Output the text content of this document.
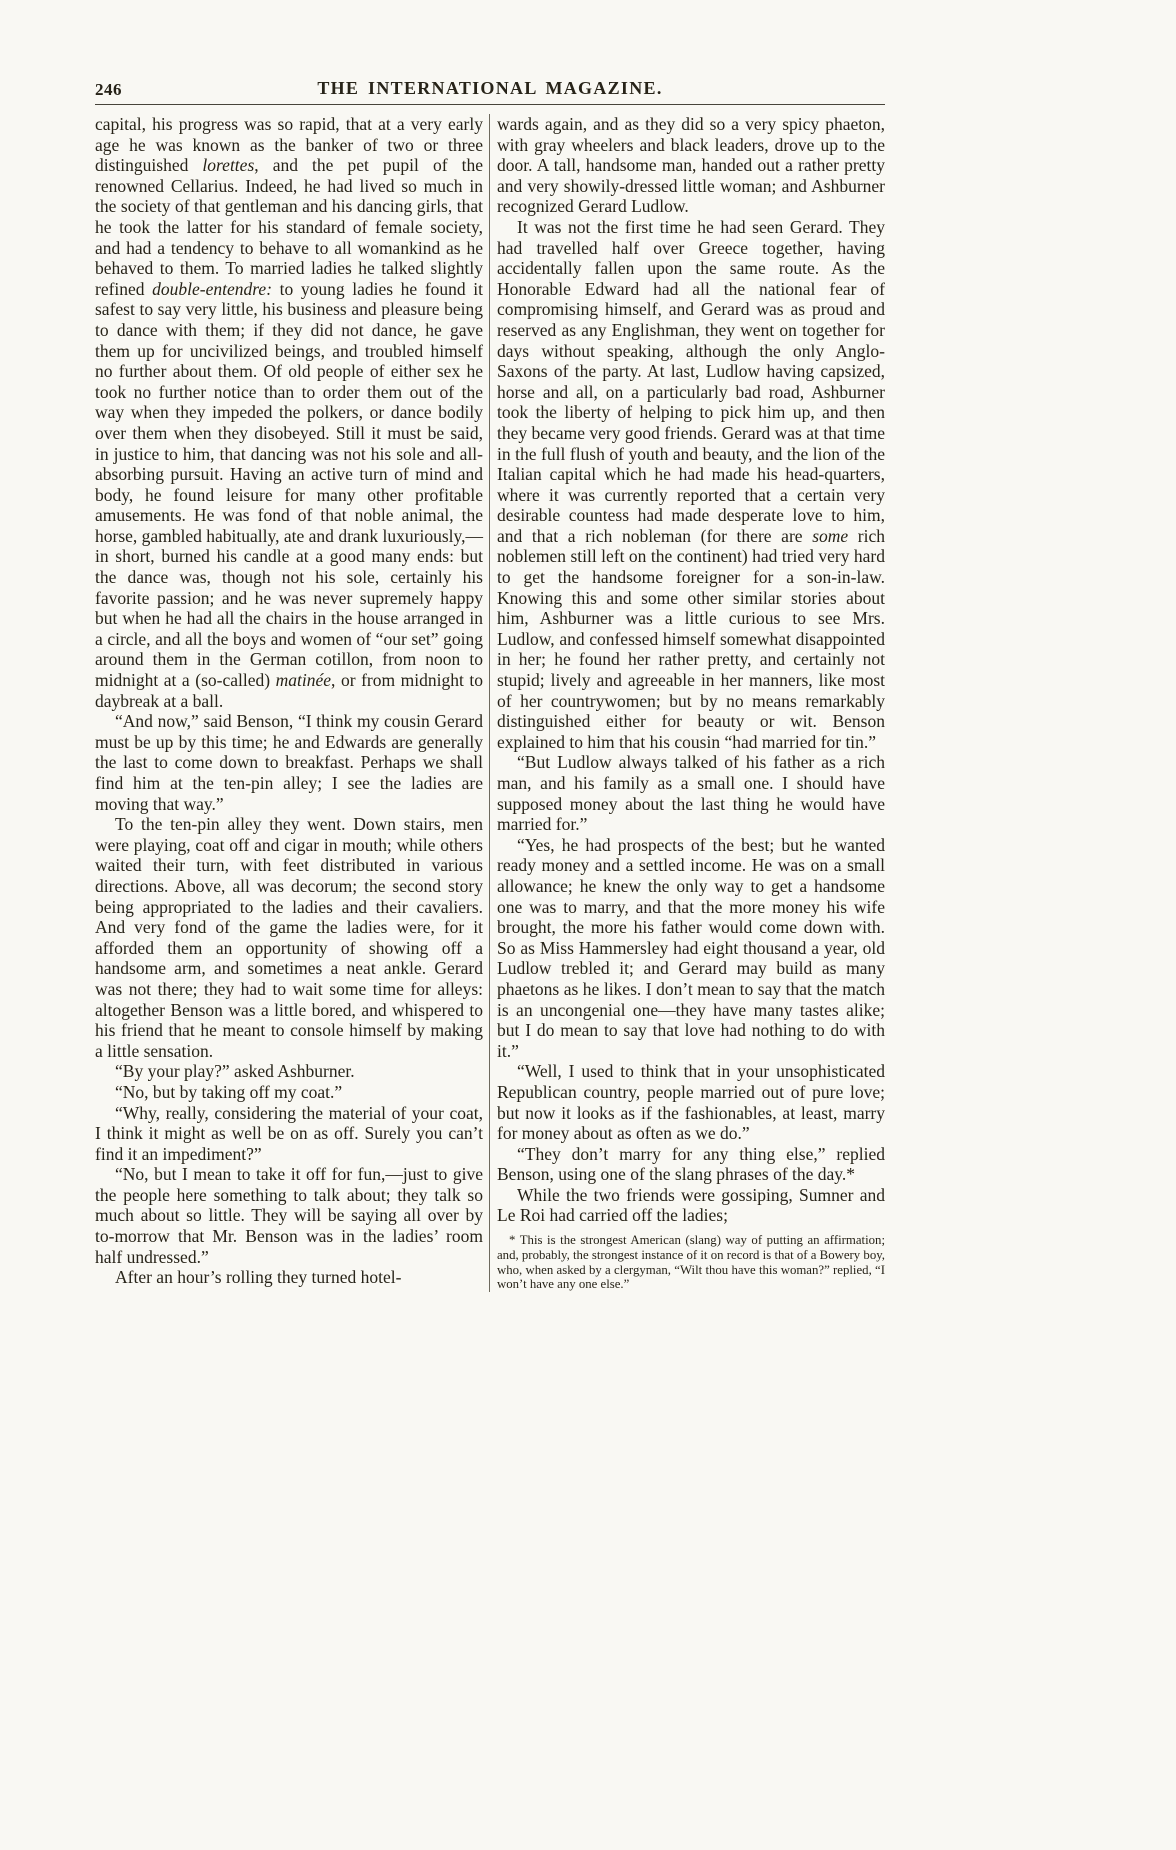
246	THE INTERNATIONAL MAGAZINE.

capital, his progress was so rapid, that at a very early age he was known as the banker of two or three distinguished lorettes, and the pet pupil of the renowned Cellarius. Indeed, he had lived so much in the society of that gentleman and his dancing girls, that he took the latter for his standard of female society, and had a tendency to behave to all womankind as he behaved to them. To married ladies he talked slightly refined double-entendre: to young ladies he found it safest to say very little, his business and pleasure being to dance with them; if they did not dance, he gave them up for uncivilized beings, and troubled himself no further about them. Of old people of either sex he took no further notice than to order them out of the way when they impeded the polkers, or dance bodily over them when they disobeyed. Still it must be said, in justice to him, that dancing was not his sole and all-absorbing pursuit. Having an active turn of mind and body, he found leisure for many other profitable amusements. He was fond of that noble animal, the horse, gambled habitually, ate and drank luxuriously,—in short, burned his candle at a good many ends: but the dance was, though not his sole, certainly his favorite passion; and he was never supremely happy but when he had all the chairs in the house arranged in a circle, and all the boys and women of “our set” going around them in the German cotillon, from noon to midnight at a (so-called) matinée, or from midnight to daybreak at a ball.

“And now,” said Benson, “I think my cousin Gerard must be up by this time; he and Edwards are generally the last to come down to breakfast. Perhaps we shall find him at the ten-pin alley; I see the ladies are moving that way.”

To the ten-pin alley they went. Down stairs, men were playing, coat off and cigar in mouth; while others waited their turn, with feet distributed in various directions. Above, all was decorum; the second story being appropriated to the ladies and their cavaliers. And very fond of the game the ladies were, for it afforded them an opportunity of showing off a handsome arm, and sometimes a neat ankle. Gerard was not there; they had to wait some time for alleys: altogether Benson was a little bored, and whispered to his friend that he meant to console himself by making a little sensation.

“By your play?” asked Ashburner.

“No, but by taking off my coat.”

“Why, really, considering the material of your coat, I think it might as well be on as off. Surely you can’t find it an impediment?”

“No, but I mean to take it off for fun,—just to give the people here something to talk about; they talk so much about so little. They will be saying all over by to-morrow that Mr. Benson was in the ladies’ room half undressed.”

After an hour’s rolling they turned hotel-

wards again, and as they did so a very spicy phaeton, with gray wheelers and black leaders, drove up to the door. A tall, handsome man, handed out a rather pretty and very showily-dressed little woman; and Ashburner recognized Gerard Ludlow.

It was not the first time he had seen Gerard. They had travelled half over Greece together, having accidentally fallen upon the same route. As the Honorable Edward had all the national fear of compromising himself, and Gerard was as proud and reserved as any Englishman, they went on together for days without speaking, although the only Anglo-Saxons of the party. At last, Ludlow having capsized, horse and all, on a particularly bad road, Ashburner took the liberty of helping to pick him up, and then they became very good friends. Gerard was at that time in the full flush of youth and beauty, and the lion of the Italian capital which he had made his head-quarters, where it was currently reported that a certain very desirable countess had made desperate love to him, and that a rich nobleman (for there are some rich noblemen still left on the continent) had tried very hard to get the handsome foreigner for a son-in-law. Knowing this and some other similar stories about him, Ashburner was a little curious to see Mrs. Ludlow, and confessed himself somewhat disappointed in her; he found her rather pretty, and certainly not stupid; lively and agreeable in her manners, like most of her countrywomen; but by no means remarkably distinguished either for beauty or wit. Benson explained to him that his cousin “had married for tin.”

“But Ludlow always talked of his father as a rich man, and his family as a small one. I should have supposed money about the last thing he would have married for.”

“Yes, he had prospects of the best; but he wanted ready money and a settled income. He was on a small allowance; he knew the only way to get a handsome one was to marry, and that the more money his wife brought, the more his father would come down with. So as Miss Hammersley had eight thousand a year, old Ludlow trebled it; and Gerard may build as many phaetons as he likes. I don’t mean to say that the match is an uncongenial one—they have many tastes alike; but I do mean to say that love had nothing to do with it.”

“Well, I used to think that in your unsophisticated Republican country, people married out of pure love; but now it looks as if the fashionables, at least, marry for money about as often as we do.”

“They don’t marry for any thing else,” replied Benson, using one of the slang phrases of the day.*

While the two friends were gossiping, Sumner and Le Roi had carried off the ladies;

* This is the strongest American (slang) way of putting an affirmation; and, probably, the strongest instance of it on record is that of a Bowery boy, who, when asked by a clergyman, “Wilt thou have this woman?” replied, “I won’t have any one else.”
